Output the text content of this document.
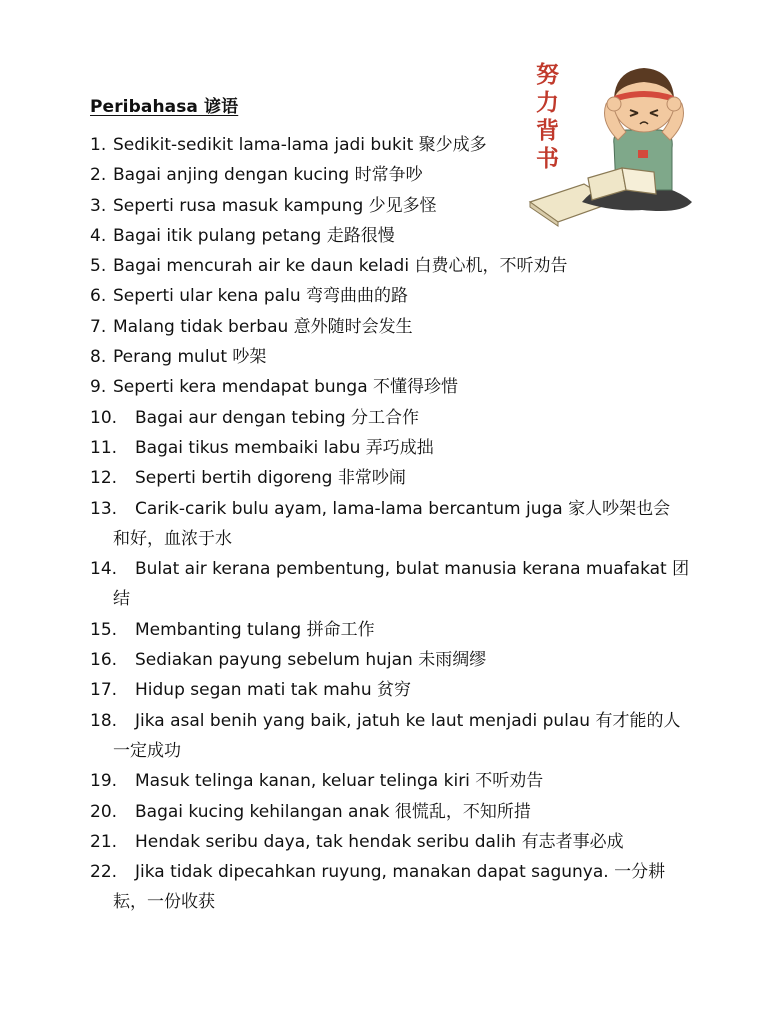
Peribahasa 谚语
努
力
背
书
1. Sedikit-sedikit lama-lama jadi bukit 聚少成多
2. Bagai anjing dengan kucing 时常争吵
3. Seperti rusa masuk kampung 少见多怪
4. Bagai itik pulang petang 走路很慢
5. Bagai mencurah air ke daun keladi 白费心机，不听劝告
6. Seperti ular kena palu 弯弯曲曲的路
7. Malang tidak berbau 意外随时会发生
8. Perang mulut 吵架
9. Seperti kera mendapat bunga 不懂得珍惜
10. Bagai aur dengan tebing 分工合作
11. Bagai tikus membaiki labu 弄巧成拙
12. Seperti bertih digoreng 非常吵闹
13. Carik-carik bulu ayam, lama-lama bercantum juga 家人吵架也会
和好，血浓于水
14. Bulat air kerana pembentung, bulat manusia kerana muafakat 团
结
15. Membanting tulang 拼命工作
16. Sediakan payung sebelum hujan 未雨绸缪
17. Hidup segan mati tak mahu 贫穷
18. Jika asal benih yang baik, jatuh ke laut menjadi pulau 有才能的人
一定成功
19. Masuk telinga kanan, keluar telinga kiri 不听劝告
20. Bagai kucing kehilangan anak 很慌乱，不知所措
21. Hendak seribu daya, tak hendak seribu dalih 有志者事必成
22. Jika tidak dipecahkan ruyung, manakan dapat sagunya. 一分耕
耘，一份收获
